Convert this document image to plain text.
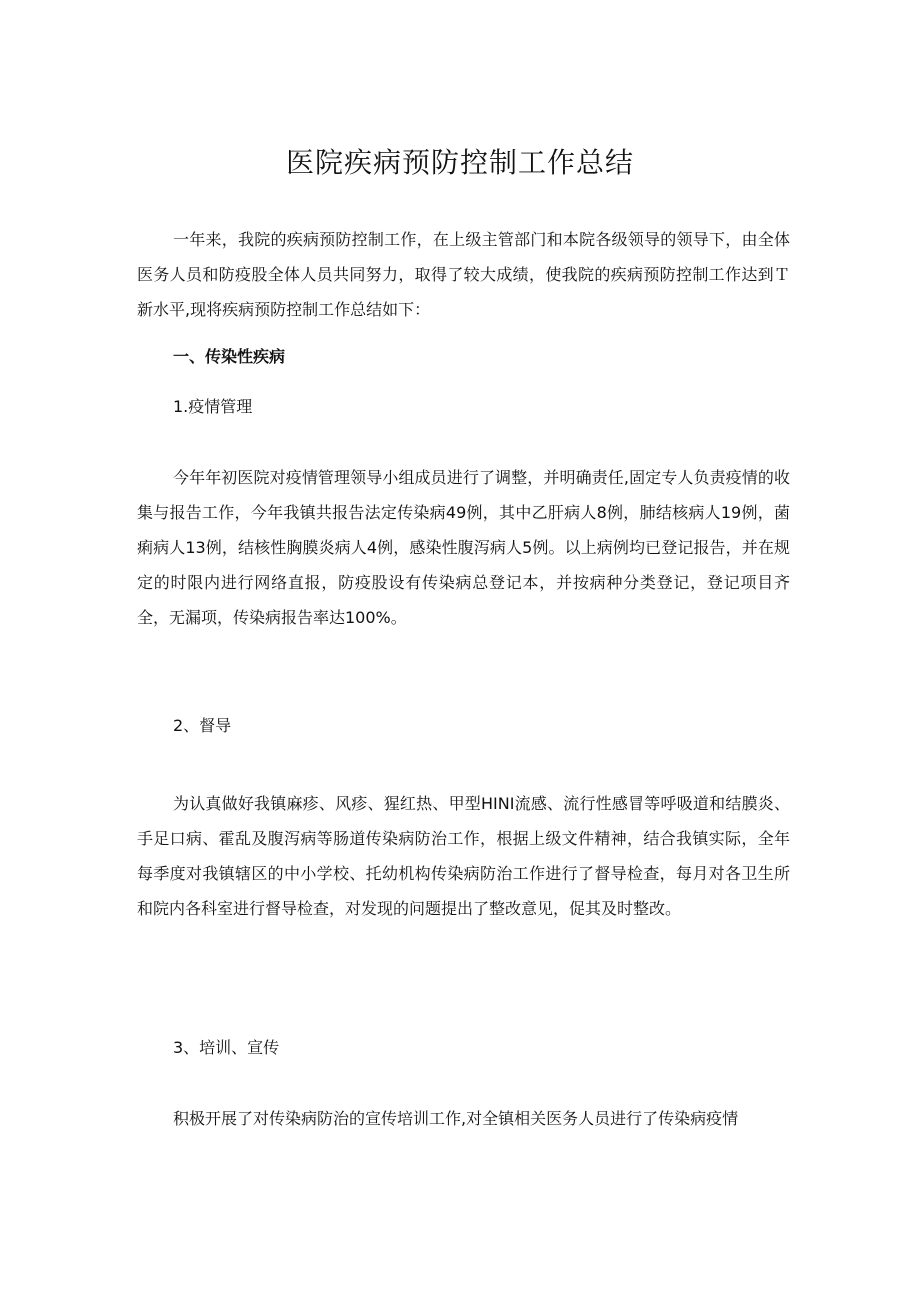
医院疾病预防控制工作总结

一年来，我院的疾病预防控制工作，在上级主管部门和本院各级领导的领导下，由全体医务人员和防疫股全体人员共同努力，取得了较大成绩，使我院的疾病预防控制工作达到Ｔ新水平,现将疾病预防控制工作总结如下：

一、传染性疾病

1.疫情管理

今年年初医院对疫情管理领导小组成员进行了调整，并明确责任,固定专人负责疫情的收集与报告工作，今年我镇共报告法定传染病49例，其中乙肝病人8例，肺结核病人19例，菌痢病人13例，结核性胸膜炎病人4例，感染性腹泻病人5例。以上病例均已登记报告，并在规定的时限内进行网络直报，防疫股设有传染病总登记本，并按病种分类登记，登记项目齐全，无漏项，传染病报告率达100%。

2、督导

为认真做好我镇麻疹、风疹、猩红热、甲型HINI流感、流行性感冒等呼吸道和结膜炎、手足口病、霍乱及腹泻病等肠道传染病防治工作，根据上级文件精神，结合我镇实际，全年每季度对我镇辖区的中小学校、托幼机构传染病防治工作进行了督导检查，每月对各卫生所和院内各科室进行督导检查，对发现的问题提出了整改意见，促其及时整改。

3、培训、宣传

积极开展了对传染病防治的宣传培训工作,对全镇相关医务人员进行了传染病疫情
